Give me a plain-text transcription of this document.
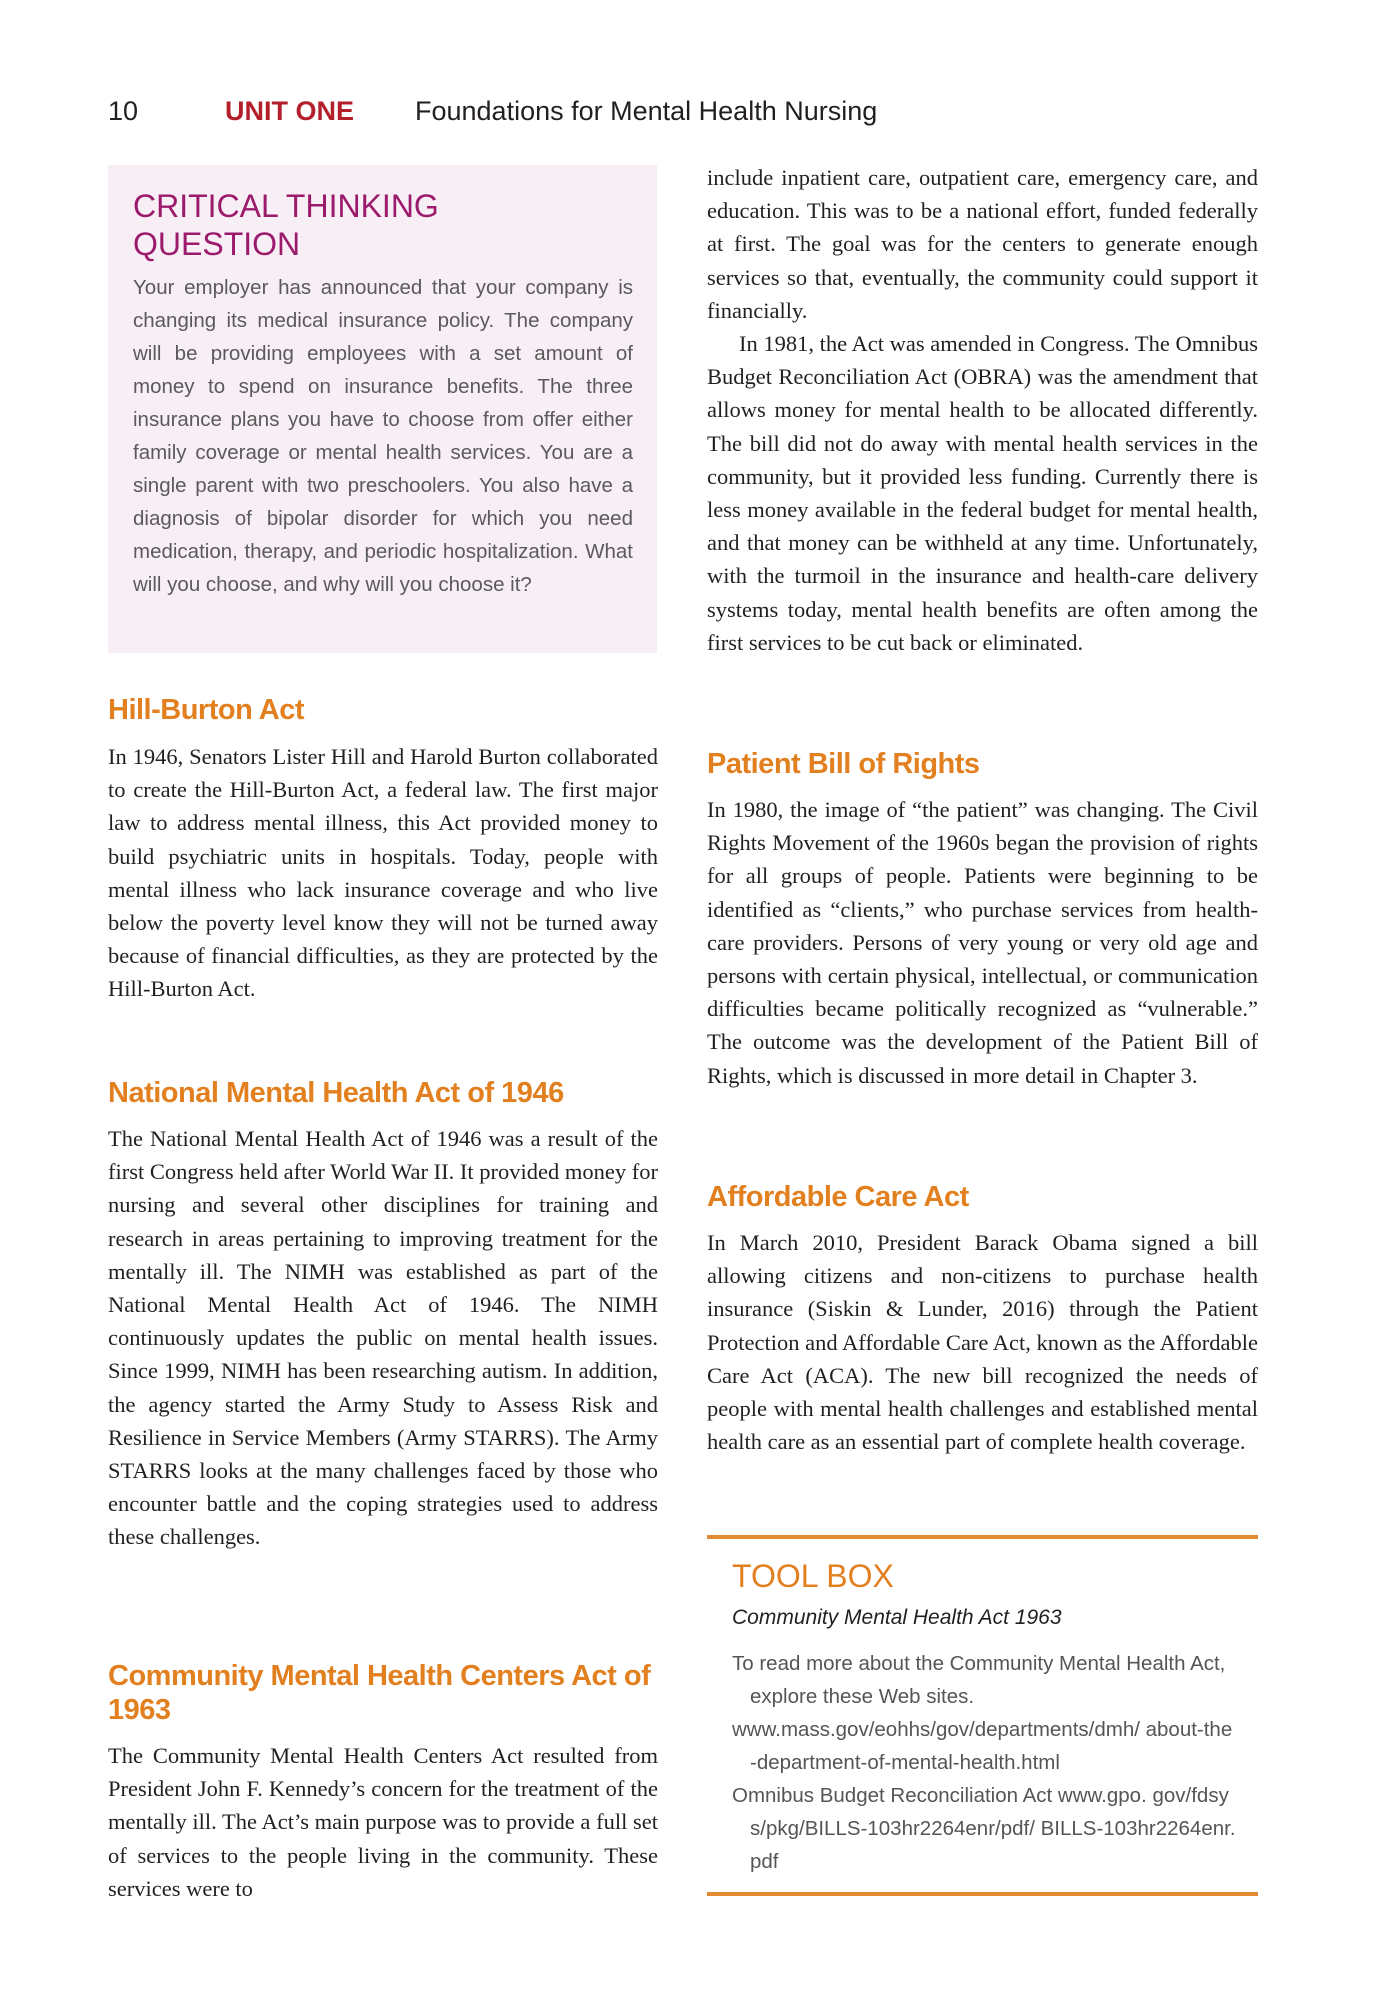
10	UNIT ONE Foundations for Mental Health Nursing
CRITICAL THINKING QUESTION

Your employer has announced that your company is changing its medical insurance policy. The company will be providing employees with a set amount of money to spend on insurance benefits. The three insurance plans you have to choose from offer either family coverage or mental health services. You are a single parent with two preschoolers. You also have a diagnosis of bipolar disorder for which you need medication, therapy, and periodic hospitalization. What will you choose, and why will you choose it?

Hill-Burton Act

In 1946, Senators Lister Hill and Harold Burton collaborated to create the Hill-Burton Act, a federal law. The first major law to address mental illness, this Act provided money to build psychiatric units in hospitals. Today, people with mental illness who lack insurance coverage and who live below the poverty level know they will not be turned away because of financial difficulties, as they are protected by the Hill-Burton Act.

National Mental Health Act of 1946

The National Mental Health Act of 1946 was a result of the first Congress held after World War II. It provided money for nursing and several other disciplines for training and research in areas pertaining to improving treatment for the mentally ill. The NIMH was established as part of the National Mental Health Act of 1946. The NIMH continuously updates the public on mental health issues. Since 1999, NIMH has been researching autism. In addition, the agency started the Army Study to Assess Risk and Resilience in Service Members (Army STARRS). The Army STARRS looks at the many challenges faced by those who encounter battle and the coping strategies used to address these challenges.

Community Mental Health Centers Act of 1963

The Community Mental Health Centers Act resulted from President John F. Kennedy’s concern for the treatment of the mentally ill. The Act’s main purpose was to provide a full set of services to the people living in the community. These services were to

include inpatient care, outpatient care, emergency care, and education. This was to be a national effort, funded federally at first. The goal was for the centers to generate enough services so that, eventually, the community could support it financially.

In 1981, the Act was amended in Congress. The Omnibus Budget Reconciliation Act (OBRA) was the amendment that allows money for mental health to be allocated differently. The bill did not do away with mental health services in the community, but it provided less funding. Currently there is less money available in the federal budget for mental health, and that money can be withheld at any time. Unfortunately, with the turmoil in the insurance and health-care delivery systems today, mental health benefits are often among the first services to be cut back or eliminated.

Patient Bill of Rights

In 1980, the image of “the patient” was changing. The Civil Rights Movement of the 1960s began the provision of rights for all groups of people. Patients were beginning to be identified as “clients,” who purchase services from health-care providers. Persons of very young or very old age and persons with certain physical, intellectual, or communication difficulties became politically recognized as “vulnerable.” The outcome was the development of the Patient Bill of Rights, which is discussed in more detail in Chapter 3.

Affordable Care Act

In March 2010, President Barack Obama signed a bill allowing citizens and non-citizens to purchase health insurance (Siskin & Lunder, 2016) through the Patient Protection and Affordable Care Act, known as the Affordable Care Act (ACA). The new bill recognized the needs of people with mental health challenges and established mental health care as an essential part of complete health coverage.

TOOL BOX
Community Mental Health Act 1963
To read more about the Community Mental Health Act, explore these Web sites.
www.mass.gov/eohhs/gov/departments/dmh/ about-the-department-of-mental-health.html
Omnibus Budget Reconciliation Act www.gpo. gov/fdsys/pkg/BILLS-103hr2264enr/pdf/ BILLS-103hr2264enr.pdf
